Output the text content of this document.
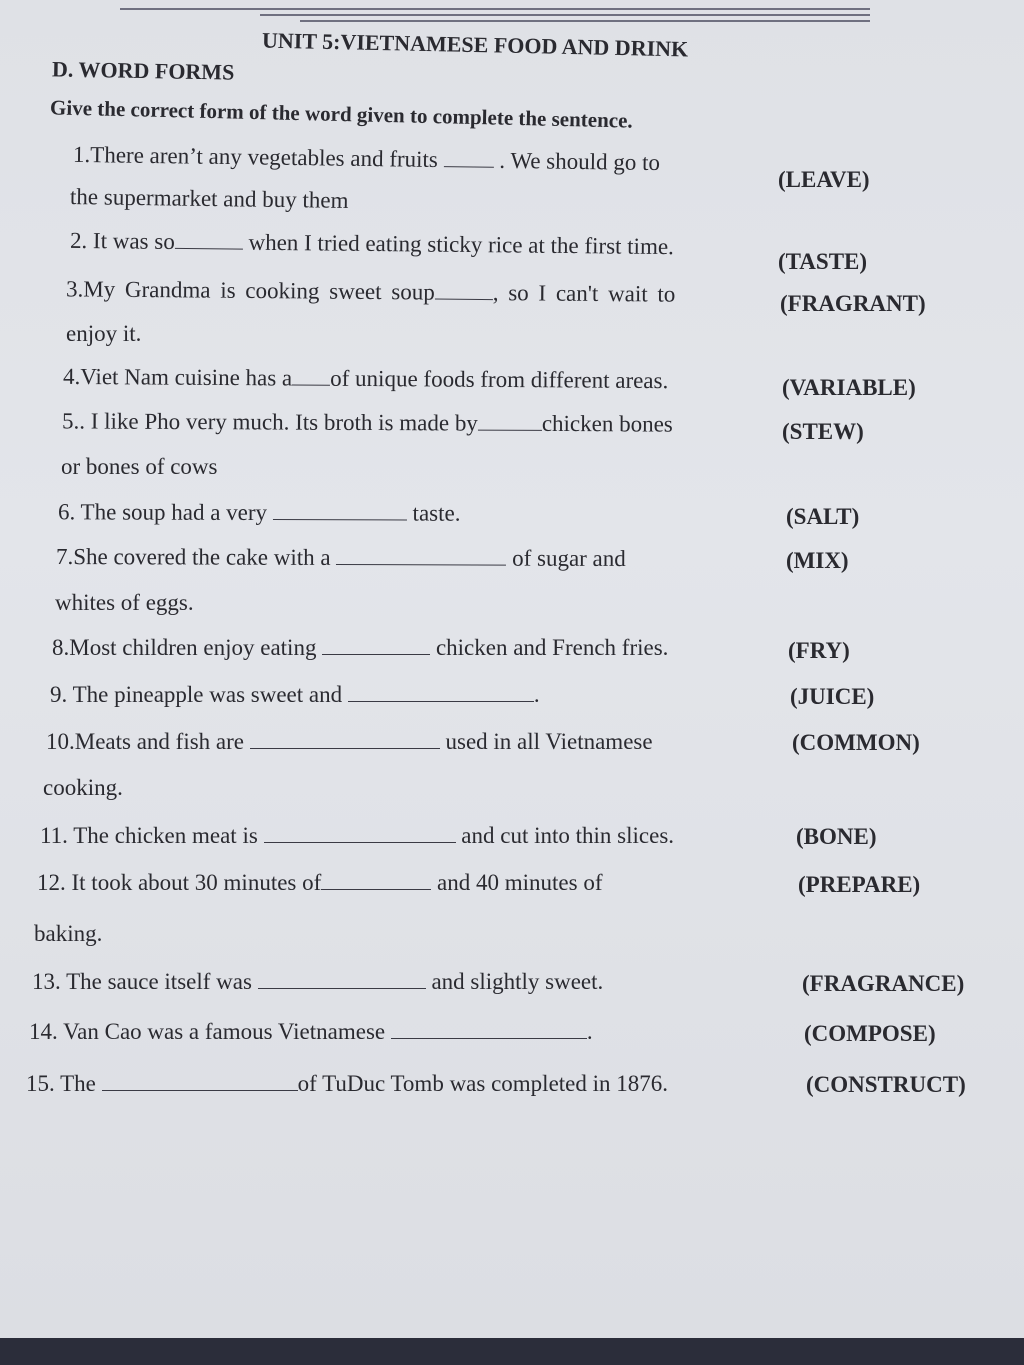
UNIT 5:VIETNAMESE FOOD AND DRINK
D. WORD FORMS
Give the correct form of the word given to complete the sentence.
1.There aren’t any vegetables and fruits	. We should go to
the supermarket and buy them
(LEAVE)
2. It was so	when I tried eating sticky rice at the first time.
(TASTE)
3.My Grandma is cooking sweet soup	, so I can't wait to
enjoy it.
(FRAGRANT)
4.Viet Nam cuisine has a of unique foods from different areas.	(VARIABLE)
5.. I like Pho very much. Its broth is made by	chicken bones
or bones of cows
(STEW)
6. The soup had a very	taste.	(SALT)
7.She covered the cake with a	of sugar and
whites of eggs.
(MIX)
8.Most children enjoy eating	chicken and French fries.	(FRY)
9. The pineapple was sweet and	.	(JUICE)
10.Meats and fish are	used in all Vietnamese
cooking.
(COMMON)
11. The chicken meat is	and cut into thin slices.	(BONE)
12. It took about 30 minutes of	and 40 minutes of
baking.
(PREPARE)
13. The sauce itself was	and slightly sweet.	(FRAGRANCE)
14. Van Cao was a famous Vietnamese	.	(COMPOSE)
15. The	of TuDuc Tomb was completed in 1876.	(CONSTRUCT)
